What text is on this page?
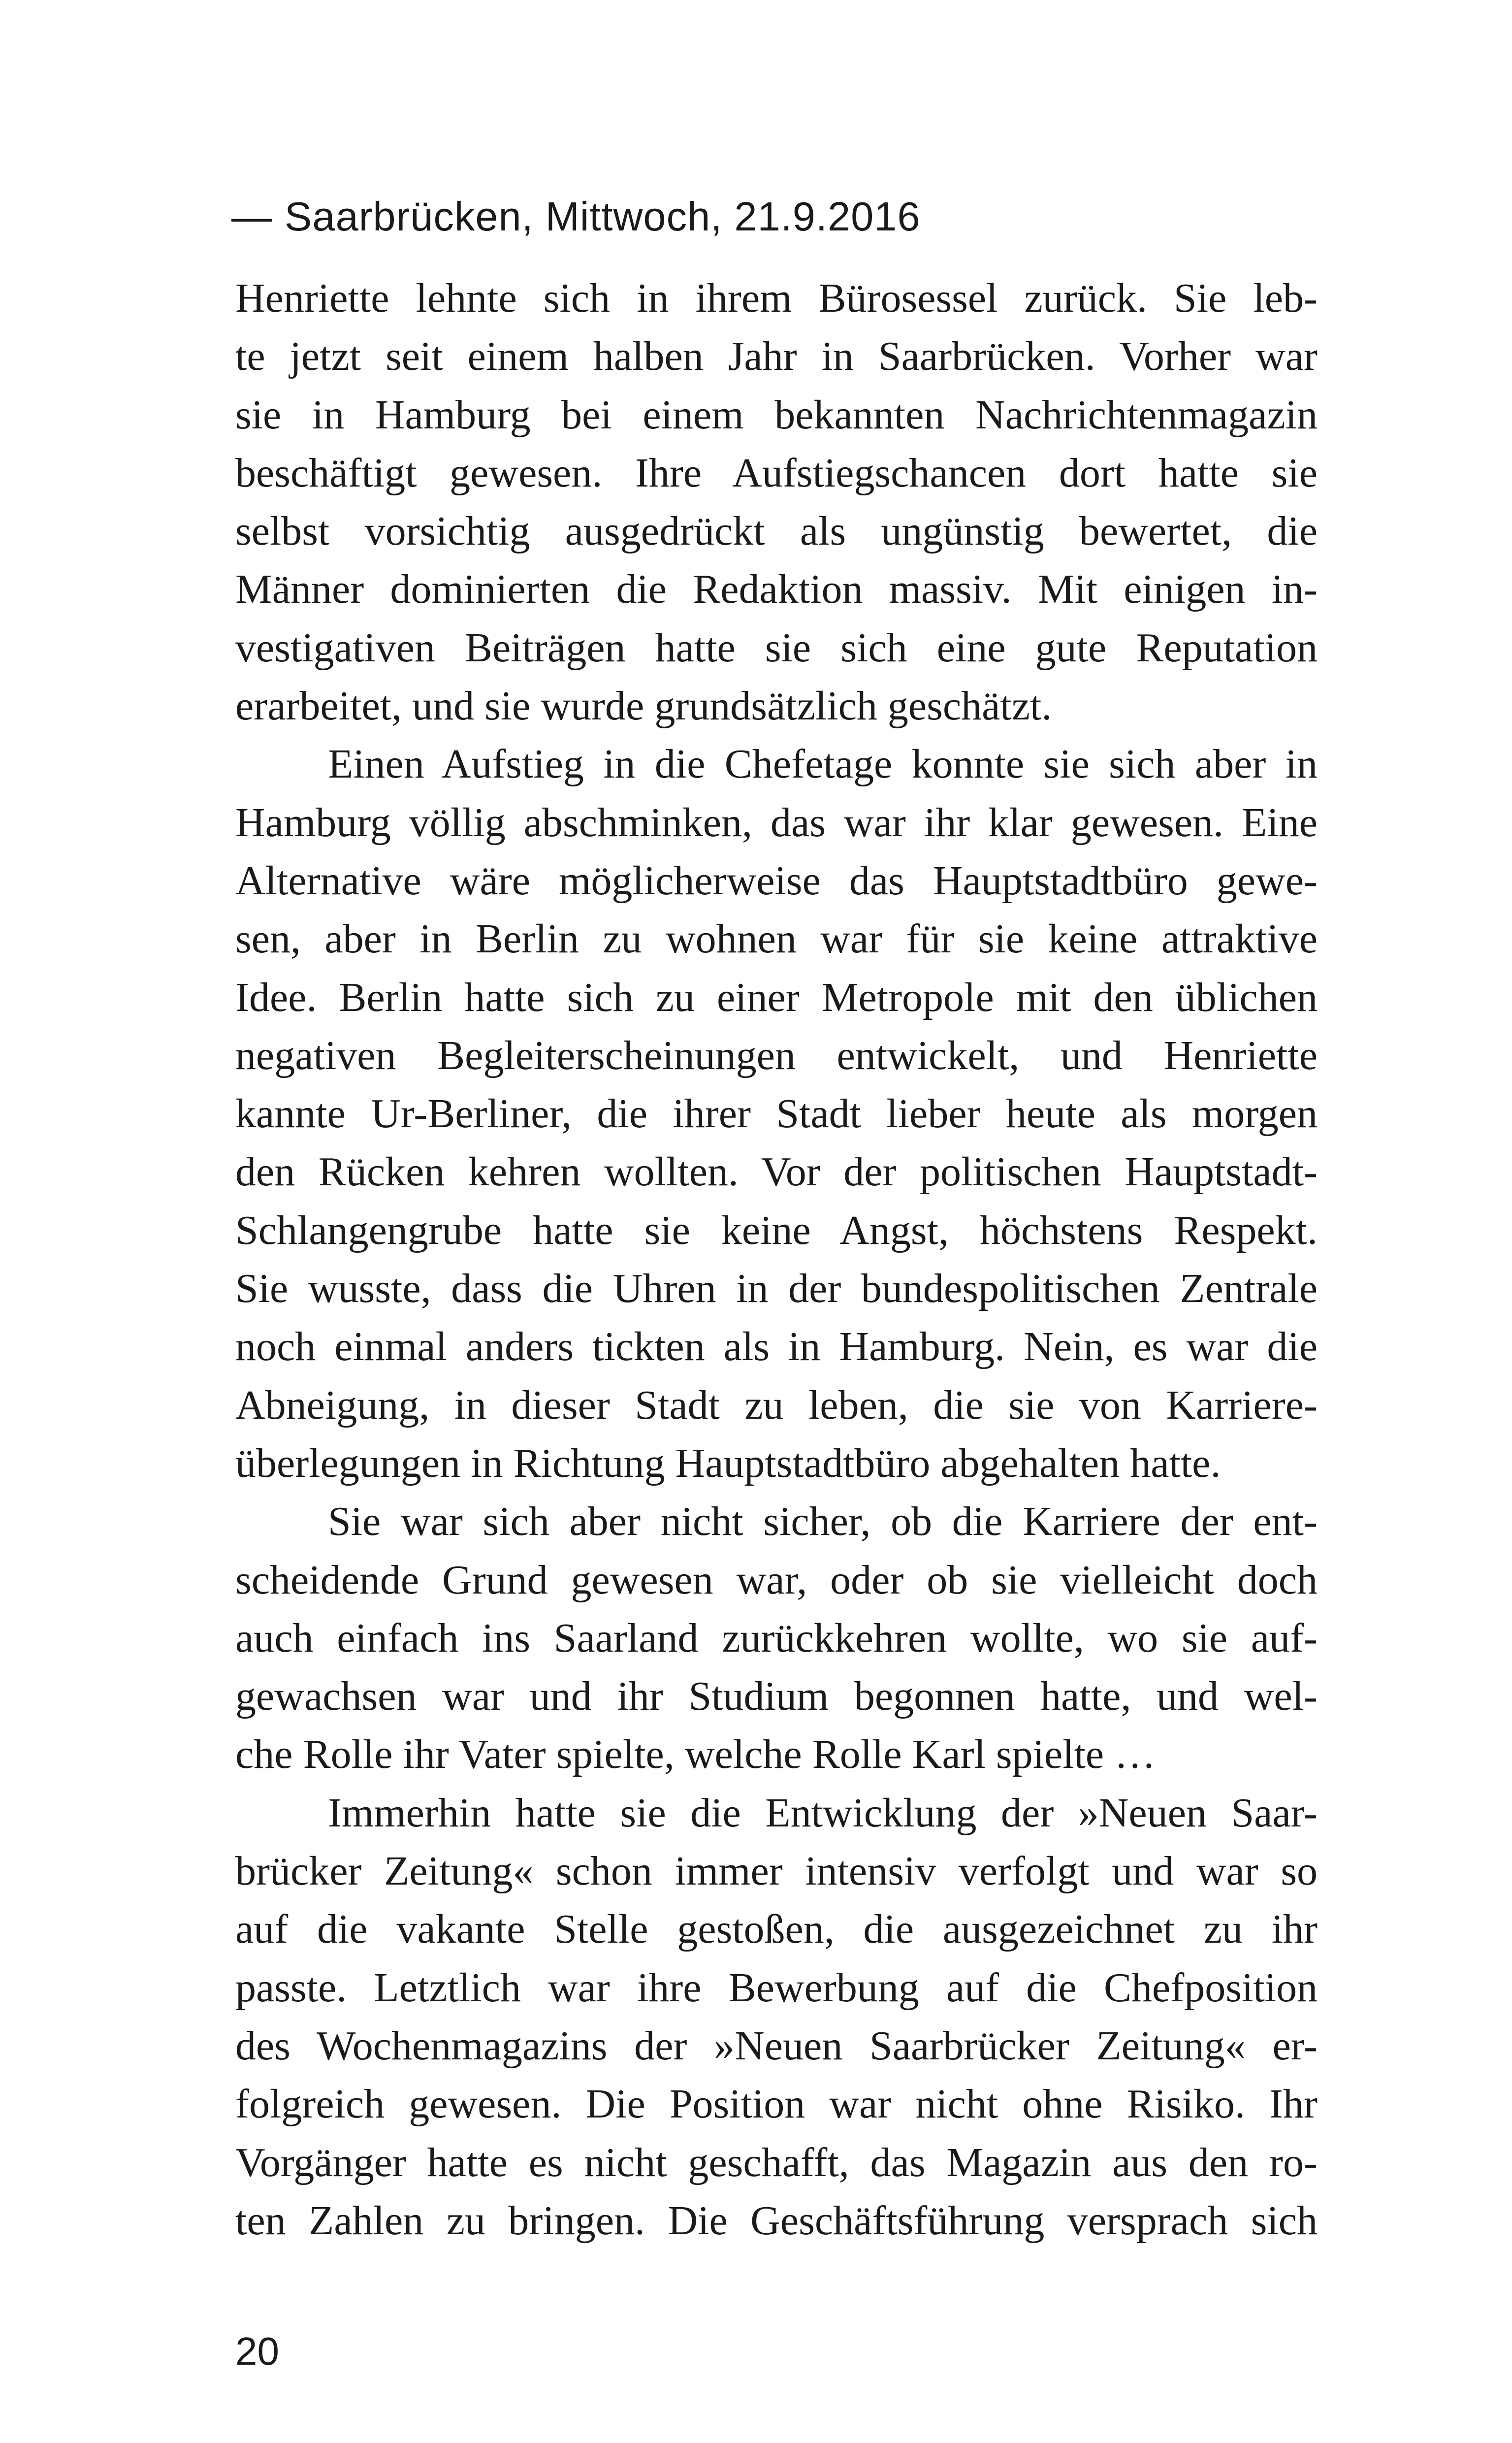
— Saarbrücken, Mittwoch, 21.9.2016
Henriette lehnte sich in ihrem Bürosessel zurück. Sie leb-
te jetzt seit einem halben Jahr in Saarbrücken. Vorher war
sie in Hamburg bei einem bekannten Nachrichtenmagazin
beschäftigt gewesen. Ihre Aufstiegschancen dort hatte sie
selbst vorsichtig ausgedrückt als ungünstig bewertet, die
Männer dominierten die Redaktion massiv. Mit einigen in-
vestigativen Beiträgen hatte sie sich eine gute Reputation
erarbeitet, und sie wurde grundsätzlich geschätzt.
Einen Aufstieg in die Chefetage konnte sie sich aber in
Hamburg völlig abschminken, das war ihr klar gewesen. Eine
Alternative wäre möglicherweise das Hauptstadtbüro gewe-
sen, aber in Berlin zu wohnen war für sie keine attraktive
Idee. Berlin hatte sich zu einer Metropole mit den üblichen
negativen Begleiterscheinungen entwickelt, und Henriette
kannte Ur-Berliner, die ihrer Stadt lieber heute als morgen
den Rücken kehren wollten. Vor der politischen Hauptstadt-
Schlangengrube hatte sie keine Angst, höchstens Respekt.
Sie wusste, dass die Uhren in der bundespolitischen Zentrale
noch einmal anders tickten als in Hamburg. Nein, es war die
Abneigung, in dieser Stadt zu leben, die sie von Karriere-
überlegungen in Richtung Hauptstadtbüro abgehalten hatte.
Sie war sich aber nicht sicher, ob die Karriere der ent-
scheidende Grund gewesen war, oder ob sie vielleicht doch
auch einfach ins Saarland zurückkehren wollte, wo sie auf-
gewachsen war und ihr Studium begonnen hatte, und wel-
che Rolle ihr Vater spielte, welche Rolle Karl spielte …
Immerhin hatte sie die Entwicklung der »Neuen Saar-
brücker Zeitung« schon immer intensiv verfolgt und war so
auf die vakante Stelle gestoßen, die ausgezeichnet zu ihr
passte. Letztlich war ihre Bewerbung auf die Chefposition
des Wochenmagazins der »Neuen Saarbrücker Zeitung« er-
folgreich gewesen. Die Position war nicht ohne Risiko. Ihr
Vorgänger hatte es nicht geschafft, das Magazin aus den ro-
ten Zahlen zu bringen. Die Geschäftsführung versprach sich
20
